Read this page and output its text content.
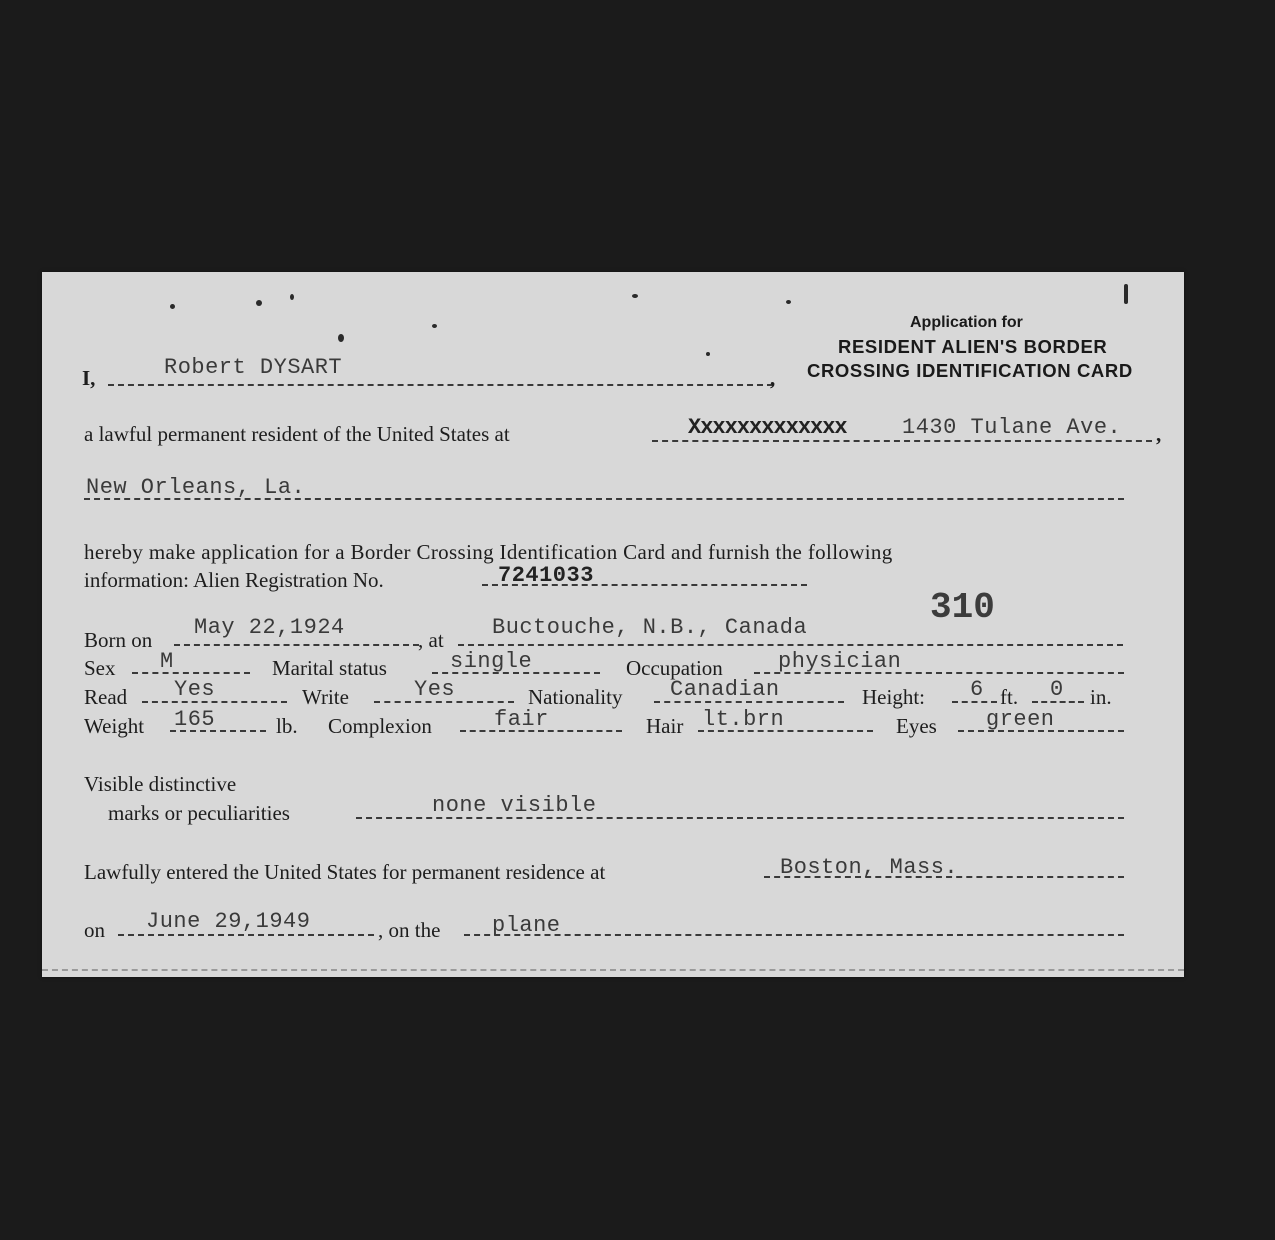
Application for
RESIDENT ALIEN'S BORDER
CROSSING IDENTIFICATION CARD
I,	,
Robert DYSART
a lawful permanent resident of the United States at	Xxxxxxxxxxxxx	1430 Tulane Ave. ,
New Orleans, La.
hereby make application for a Border Crossing Identification Card and furnish the following
information: Alien Registration No.	7241033
310
Born on May 22,1924	, at Buctouche, N.B., Canada
Sex M	Marital status	single	Occupation	physician
Read Yes	Write	Yes	Nationality Canadian	Height: 6 ft. 0 in.
Weight 165	lb. Complexion	fair	Hair lt.brn	Eyes green
Visible distinctive
marks or peculiarities	none visible
Lawfully entered the United States for permanent residence at	Boston, Mass.
on June 29,1949	, on the plane
